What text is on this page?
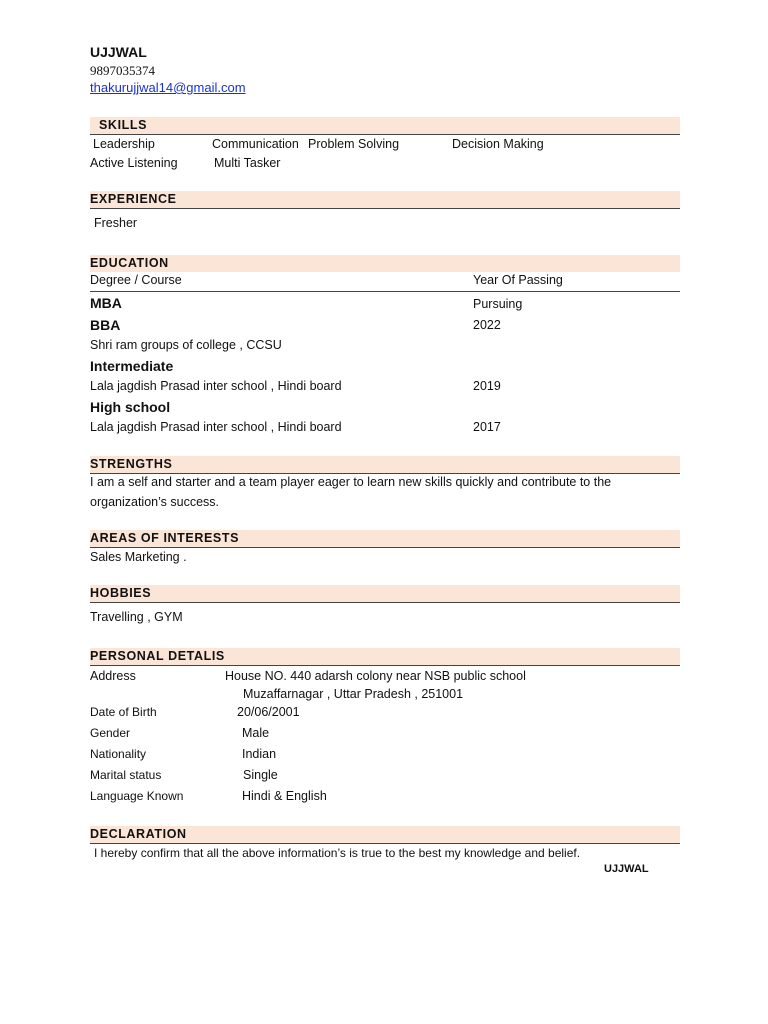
UJJWAL
9897035374
thakurujjwal14@gmail.com
SKILLS
Leadership	Communication Problem Solving	Decision Making
Active Listening	Multi Tasker
EXPERIENCE
Fresher
EDUCATION
Degree / Course	Year Of Passing
MBA	Pursuing
BBA	2022
Shri ram groups of college , CCSU
Intermediate
Lala jagdish Prasad inter school , Hindi board	2019
High school
Lala jagdish Prasad inter school , Hindi board	2017
STRENGTHS
I am a self and starter and a team player eager to learn new skills quickly and contribute to the
organization’s success.
AREAS OF INTERESTS
Sales Marketing .
HOBBIES
Travelling , GYM
PERSONAL DETALIS
Address	House NO. 440 adarsh colony near NSB public school
Muzaffarnagar , Uttar Pradesh , 251001
Date of Birth	20/06/2001
Gender	Male
Nationality	Indian
Marital status	Single
Language Known	Hindi & English
DECLARATION
I hereby confirm that all the above information’s is true to the best my knowledge and belief.
UJJWAL
